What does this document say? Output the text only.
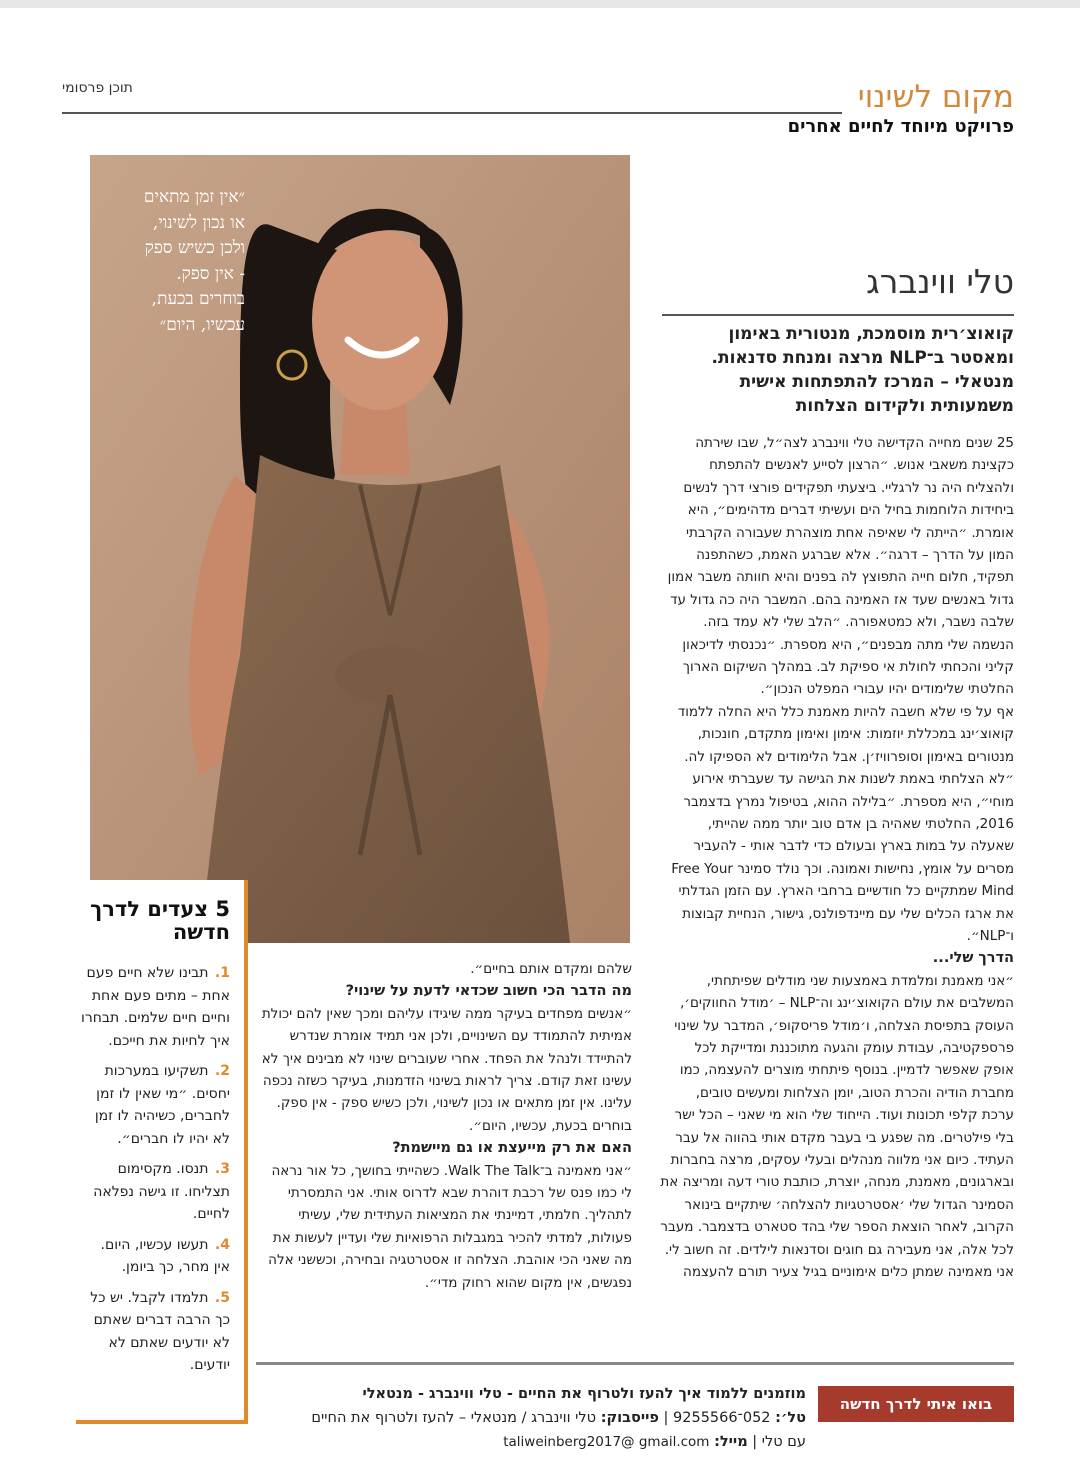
תוכן פרסומי	מקום לשינוי
פרויקט מיוחד לחיים אחרים
״אין זמן מתאים או נכון לשינוי, ולכן כשיש ספק - אין ספק. בוחרים בכעת, עכשיו, היום״
טלי ווינברג
קואוצ׳רית מוסמכת, מנטורית באימון ומאסטר ב־NLP מרצה ומנחת סדנאות. מנטאלי – המרכז להתפתחות אישית משמעותית ולקידום הצלחות

25 שנים מחייה הקדישה טלי ווינברג לצה״ל, שבו שירתה כקצינת משאבי אנוש. ״הרצון לסייע לאנשים להתפתח ולהצליח היה נר לרגליי. ביצעתי תפקידים פורצי דרך לנשים ביחידות הלוחמות בחיל הים ועשיתי דברים מדהימים״, היא אומרת. ״הייתה לי שאיפה אחת מוצהרת שעבורה הקרבתי המון על הדרך – דרגה״. אלא שברגע האמת, כשהתפנה תפקיד, חלום חייה התפוצץ לה בפנים והיא חוותה משבר אמון גדול באנשים שעד אז האמינה בהם. המשבר היה כה גדול עד שלבה נשבר, ולא כמטאפורה. ״הלב שלי לא עמד בזה. הנשמה שלי מתה מבפנים״, היא מספרת. ״נכנסתי לדיכאון קליני והכחתי לחולת אי ספיקת לב. במהלך השיקום הארוך החלטתי שלימודים יהיו עבורי המפלט הנכון״.

אף על פי שלא חשבה להיות מאמנת כלל היא החלה ללמוד קואוצ׳ינג במכללת יוזמות: אימון ואימון מתקדם, חונכות, מנטורים באימון וסופרוויז׳ן. אבל הלימודים לא הספיקו לה. ״לא הצלחתי באמת לשנות את הגישה עד שעברתי אירוע מוחי״, היא מספרת. ״בלילה ההוא, בטיפול נמרץ בדצמבר 2016, החלטתי שאהיה בן אדם טוב יותר ממה שהייתי, שאעלה על במות בארץ ובעולם כדי לדבר אותי - להעביר מסרים על אומץ, נחישות ואמונה. וכך נולד סמינר Free Your Mind שמתקיים כל חודשיים ברחבי הארץ. עם הזמן הגדלתי את ארגז הכלים שלי עם מיינדפולנס, גישור, הנחיית קבוצות ו־NLP״.

הדרך שלי...

״אני מאמנת ומלמדת באמצעות שני מודלים שפיתחתי, המשלבים את עולם הקואוצ׳ינג וה־NLP – ׳מודל החווקים׳, העוסק בתפיסת הצלחה, ו׳מודל פריסקופ׳, המדבר על שינוי פרספקטיבה, עבודת עומק והגעה מתוכננת ומדייקת לכל אופק שאפשר לדמיין. בנוסף פיתחתי מוצרים להעצמה, כמו מחברת הודיה והכרת הטוב, יומן הצלחות ומעשים טובים, ערכת קלפי תכונות ועוד. הייחוד שלי הוא מי שאני – הכל ישר בלי פילטרים. מה שפגע בי בעבר מקדם אותי בהווה אל עבר העתיד. כיום אני מלווה מנהלים ובעלי עסקים, מרצה בחברות ובארגונים, מאמנת, מנחה, יוצרת, כותבת טורי דעה ומריצה את הסמינר הגדול שלי ׳אסטרטגיות להצלחה׳ שיתקיים בינואר הקרוב, לאחר הוצאת הספר שלי בהד סטארט בדצמבר. מעבר לכל אלה, אני מעבירה גם חוגים וסדנאות לילדים. זה חשוב לי. אני מאמינה שמתן כלים אימוניים בגיל צעיר תורם להעצמה

שלהם ומקדם אותם בחיים״.

מה הדבר הכי חשוב שכדאי לדעת על שינוי?

״אנשים מפחדים בעיקר ממה שיגידו עליהם ומכך שאין להם יכולת אמיתית להתמודד עם השינויים, ולכן אני תמיד אומרת שנדרש להתיידד ולנהל את הפחד. אחרי שעוברים שינוי לא מבינים איך לא עשינו זאת קודם. צריך לראות בשינוי הזדמנות, בעיקר כשזה נכפה עלינו. אין זמן מתאים או נכון לשינוי, ולכן כשיש ספק - אין ספק. בוחרים בכעת, עכשיו, היום״.

האם את רק מייעצת או גם מיישמת?

״אני מאמינה ב־Walk The Talk. כשהייתי בחושך, כל אור נראה לי כמו פנס של רכבת דוהרת שבא לדרוס אותי. אני התמסרתי לתהליך. חלמתי, דמיינתי את המציאות העתידית שלי, עשיתי פעולות, למדתי להכיר במגבלות הרפואיות שלי ועדיין לעשות את מה שאני הכי אוהבת. הצלחה זו אסטרטגיה ובחירה, וכששני אלה נפגשים, אין מקום שהוא רחוק מדי״.

5 צעדים לדרך חדשה
1. תבינו שלא חיים פעם אחת – מתים פעם אחת וחיים חיים שלמים. תבחרו איך לחיות את חייכם.
2. תשקיעו במערכות יחסים. ״מי שאין לו זמן לחברים, כשיהיה לו זמן לא יהיו לו חברים״.
3. תנסו. מקסימום תצליחו. זו גישה נפלאה לחיים.
4. תעשו עכשיו, היום. אין מחר, כך ביומן.
5. תלמדו לקבל. יש כל כך הרבה דברים שאתם לא יודעים שאתם לא יודעים.
בואו איתי לדרך חדשה
מוזמנים ללמוד איך להעז ולטרוף את החיים - טלי ווינברג - מנטאלי
טל׳: 052־9255566 | פייסבוק: טלי ווינברג / מנטאלי – להעז ולטרוף את החיים עם טלי | מייל: taliweinberg2017@ gmail.com
